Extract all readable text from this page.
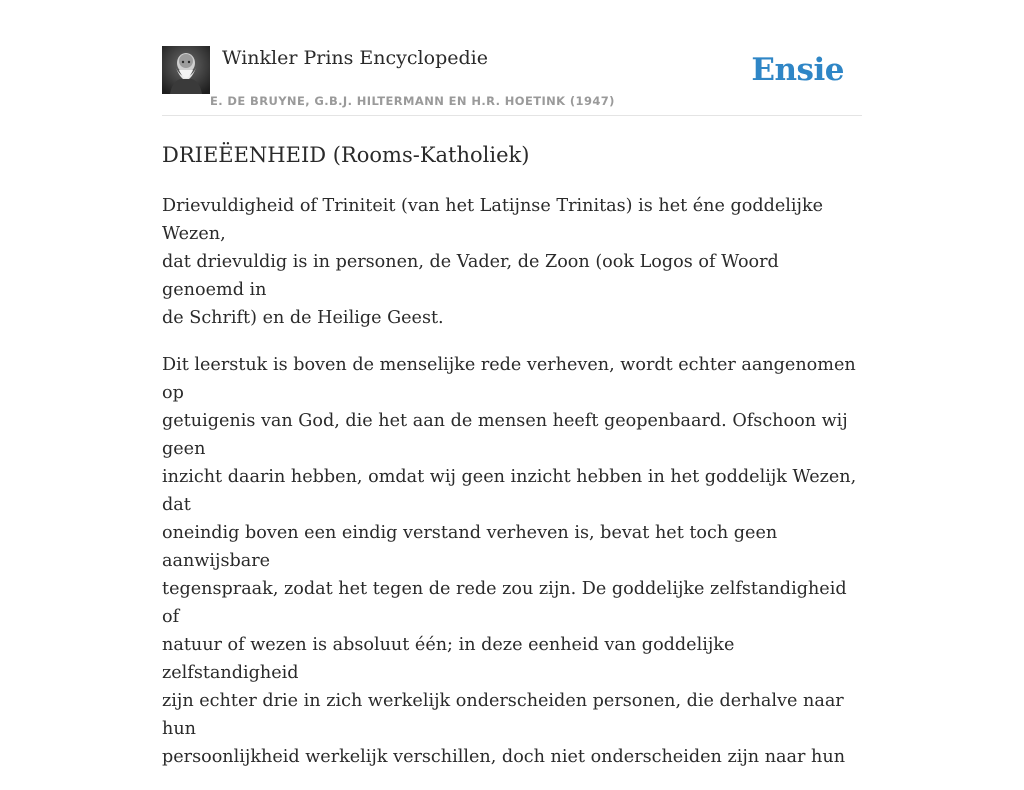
Winkler Prins Encyclopedie
E. DE BRUYNE, G.B.J. HILTERMANN EN H.R. HOETINK (1947)
Ensie
DRIEËENHEID (Rooms-Katholiek)

Drievuldigheid of Triniteit (van het Latijnse Trinitas) is het éne goddelijke Wezen,
dat drievuldig is in personen, de Vader, de Zoon (ook Logos of Woord genoemd in
de Schrift) en de Heilige Geest.

Dit leerstuk is boven de menselijke rede verheven, wordt echter aangenomen op
getuigenis van God, die het aan de mensen heeft geopenbaard. Ofschoon wij geen
inzicht daarin hebben, omdat wij geen inzicht hebben in het goddelijk Wezen, dat
oneindig boven een eindig verstand verheven is, bevat het toch geen aanwijsbare
tegenspraak, zodat het tegen de rede zou zijn. De goddelijke zelfstandigheid of
natuur of wezen is absoluut één; in deze eenheid van goddelijke zelfstandigheid
zijn echter drie in zich werkelijk onderscheiden personen, die derhalve naar hun
persoonlijkheid werkelijk verschillen, doch niet onderscheiden zijn naar hun
